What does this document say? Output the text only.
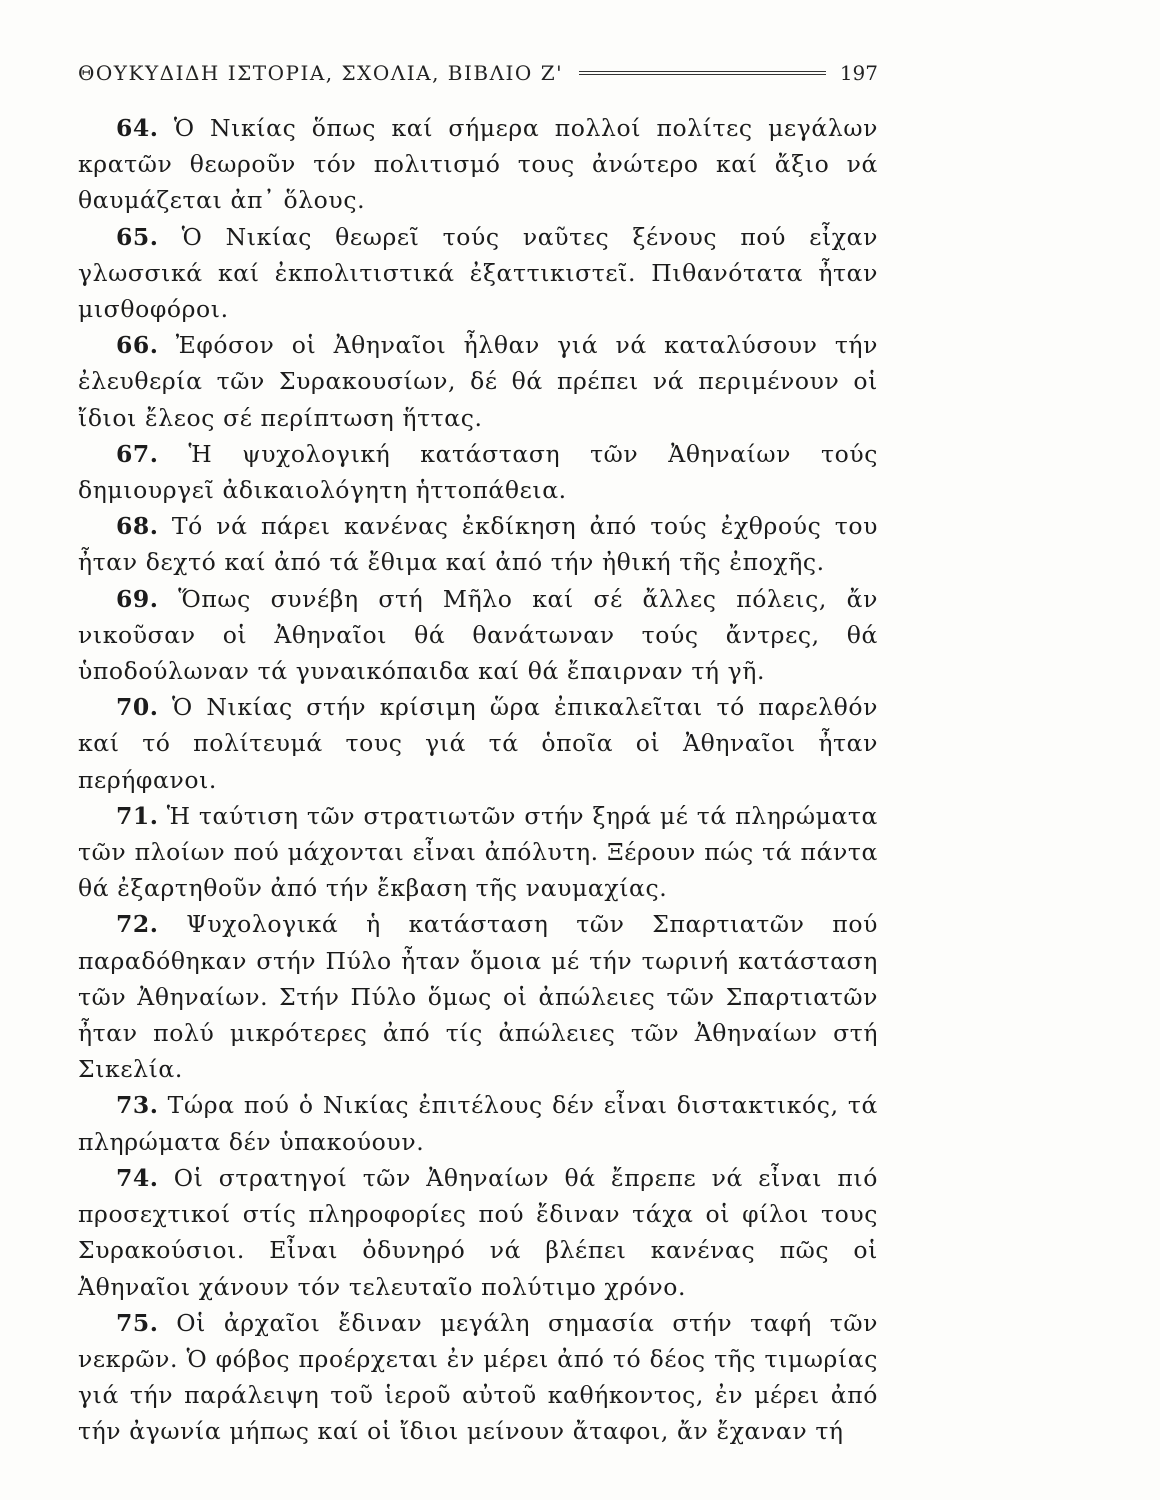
ΘΟΥΚΥΔΙΔΗ ΙΣΤΟΡΙΑ, ΣΧΟΛΙΑ, ΒΙΒΛΙΟ Ζ'	197

64. Ὁ Νικίας ὅπως καί σήμερα πολλοί πολίτες μεγάλων κρατῶν θεωροῦν τόν πολιτισμό τους ἀνώτερο καί ἄξιο νά θαυμάζεται ἀπ᾿ ὅλους.

65. Ὁ Νικίας θεωρεῖ τούς ναῦτες ξένους πού εἶχαν γλωσσικά καί ἐκπολιτιστικά ἐξαττικιστεῖ. Πιθανότατα ἦταν μισθοφόροι.

66. Ἐφόσον οἱ Ἀθηναῖοι ἦλθαν γιά νά καταλύσουν τήν ἐλευθερία τῶν Συρακουσίων, δέ θά πρέπει νά περιμένουν οἱ ἴδιοι ἔλεος σέ περίπτωση ἥττας.

67. Ἡ ψυχολογική κατάσταση τῶν Ἀθηναίων τούς δημιουργεῖ ἀδικαιολόγητη ἡττοπάθεια.

68. Τό νά πάρει κανένας ἐκδίκηση ἀπό τούς ἐχθρούς του ἦταν δεχτό καί ἀπό τά ἔθιμα καί ἀπό τήν ἠθική τῆς ἐποχῆς.

69. Ὅπως συνέβη στή Μῆλο καί σέ ἄλλες πόλεις, ἄν νικοῦσαν οἱ Ἀθηναῖοι θά θανάτωναν τούς ἄντρες, θά ὑποδούλωναν τά γυναικόπαιδα καί θά ἔπαιρναν τή γῆ.

70. Ὁ Νικίας στήν κρίσιμη ὥρα ἐπικαλεῖται τό παρελθόν καί τό πολίτευμά τους γιά τά ὁποῖα οἱ Ἀθηναῖοι ἦταν περήφανοι.

71. Ἡ ταύτιση τῶν στρατιωτῶν στήν ξηρά μέ τά πληρώματα τῶν πλοίων πού μάχονται εἶναι ἀπόλυτη. Ξέρουν πώς τά πάντα θά ἐξαρτηθοῦν ἀπό τήν ἔκβαση τῆς ναυμαχίας.

72. Ψυχολογικά ἡ κατάσταση τῶν Σπαρτιατῶν πού παραδόθηκαν στήν Πύλο ἦταν ὅμοια μέ τήν τωρινή κατάσταση τῶν Ἀθηναίων. Στήν Πύλο ὅμως οἱ ἀπώλειες τῶν Σπαρτιατῶν ἦταν πολύ μικρότερες ἀπό τίς ἀπώλειες τῶν Ἀθηναίων στή Σικελία.

73. Τώρα πού ὁ Νικίας ἐπιτέλους δέν εἶναι διστακτικός, τά πληρώματα δέν ὑπακούουν.

74. Οἱ στρατηγοί τῶν Ἀθηναίων θά ἔπρεπε νά εἶναι πιό προσεχτικοί στίς πληροφορίες πού ἔδιναν τάχα οἱ φίλοι τους Συρακούσιοι. Εἶναι ὀδυνηρό νά βλέπει κανένας πῶς οἱ Ἀθηναῖοι χάνουν τόν τελευταῖο πολύτιμο χρόνο.

75. Οἱ ἀρχαῖοι ἔδιναν μεγάλη σημασία στήν ταφή τῶν νεκρῶν. Ὁ φόβος προέρχεται ἐν μέρει ἀπό τό δέος τῆς τιμωρίας γιά τήν παράλειψη τοῦ ἱεροῦ αὐτοῦ καθήκοντος, ἐν μέρει ἀπό τήν ἀγωνία μήπως καί οἱ ἴδιοι μείνουν ἄταφοι, ἄν ἔχαναν τή
